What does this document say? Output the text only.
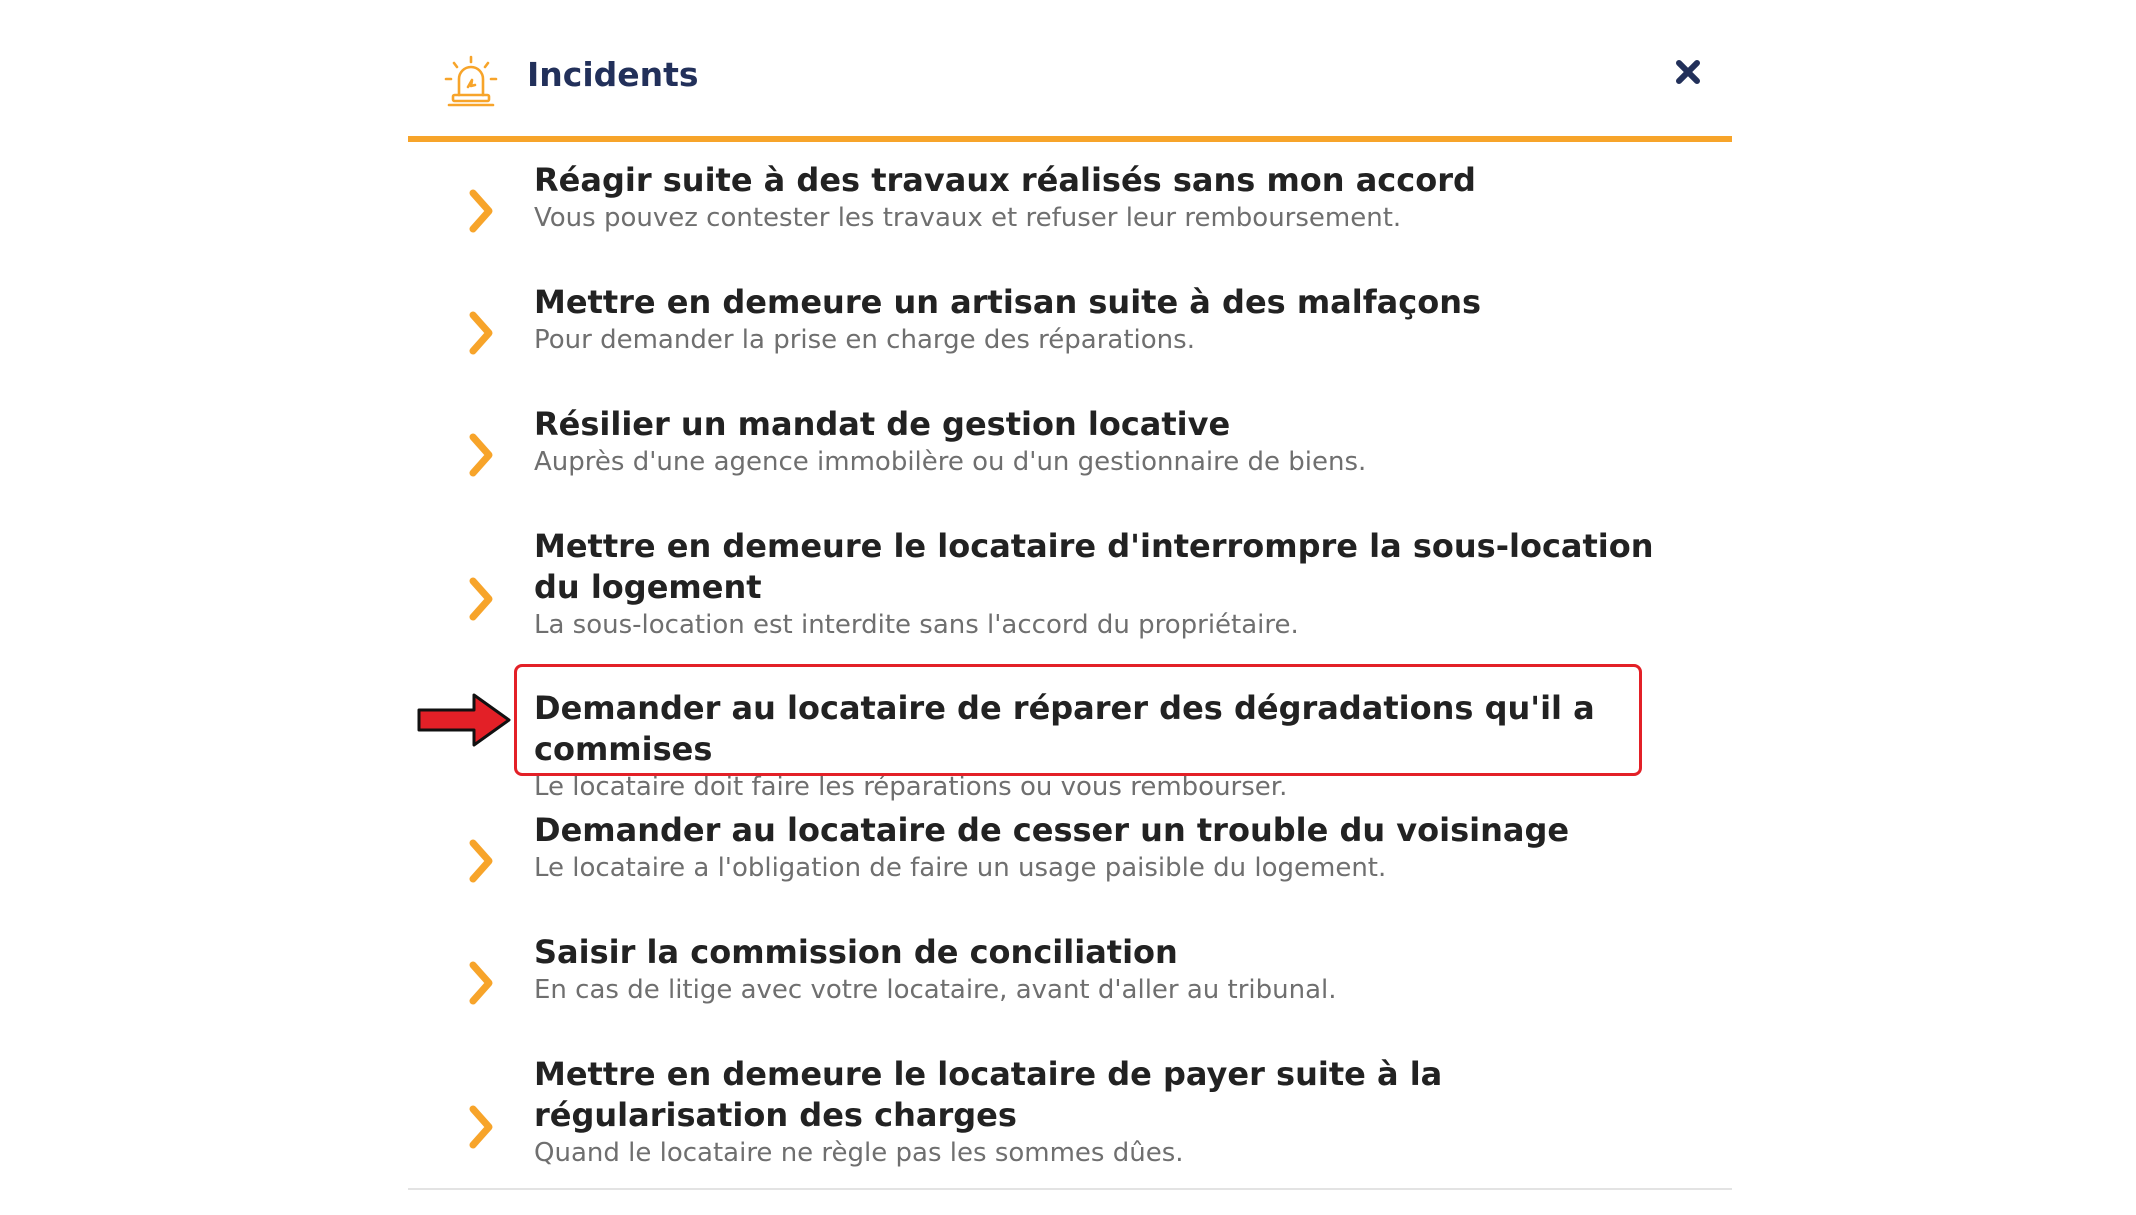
Incidents
Réagir suite à des travaux réalisés sans mon accord
Vous pouvez contester les travaux et refuser leur remboursement.
Mettre en demeure un artisan suite à des malfaçons
Pour demander la prise en charge des réparations.
Résilier un mandat de gestion locative
Auprès d'une agence immobilère ou d'un gestionnaire de biens.
Mettre en demeure le locataire d'interrompre la sous-location du logement
La sous-location est interdite sans l'accord du propriétaire.
Demander au locataire de réparer des dégradations qu'il a commises
Le locataire doit faire les réparations ou vous rembourser.
Demander au locataire de cesser un trouble du voisinage
Le locataire a l'obligation de faire un usage paisible du logement.
Saisir la commission de conciliation
En cas de litige avec votre locataire, avant d'aller au tribunal.
Mettre en demeure le locataire de payer suite à la régularisation des charges
Quand le locataire ne règle pas les sommes dûes.
